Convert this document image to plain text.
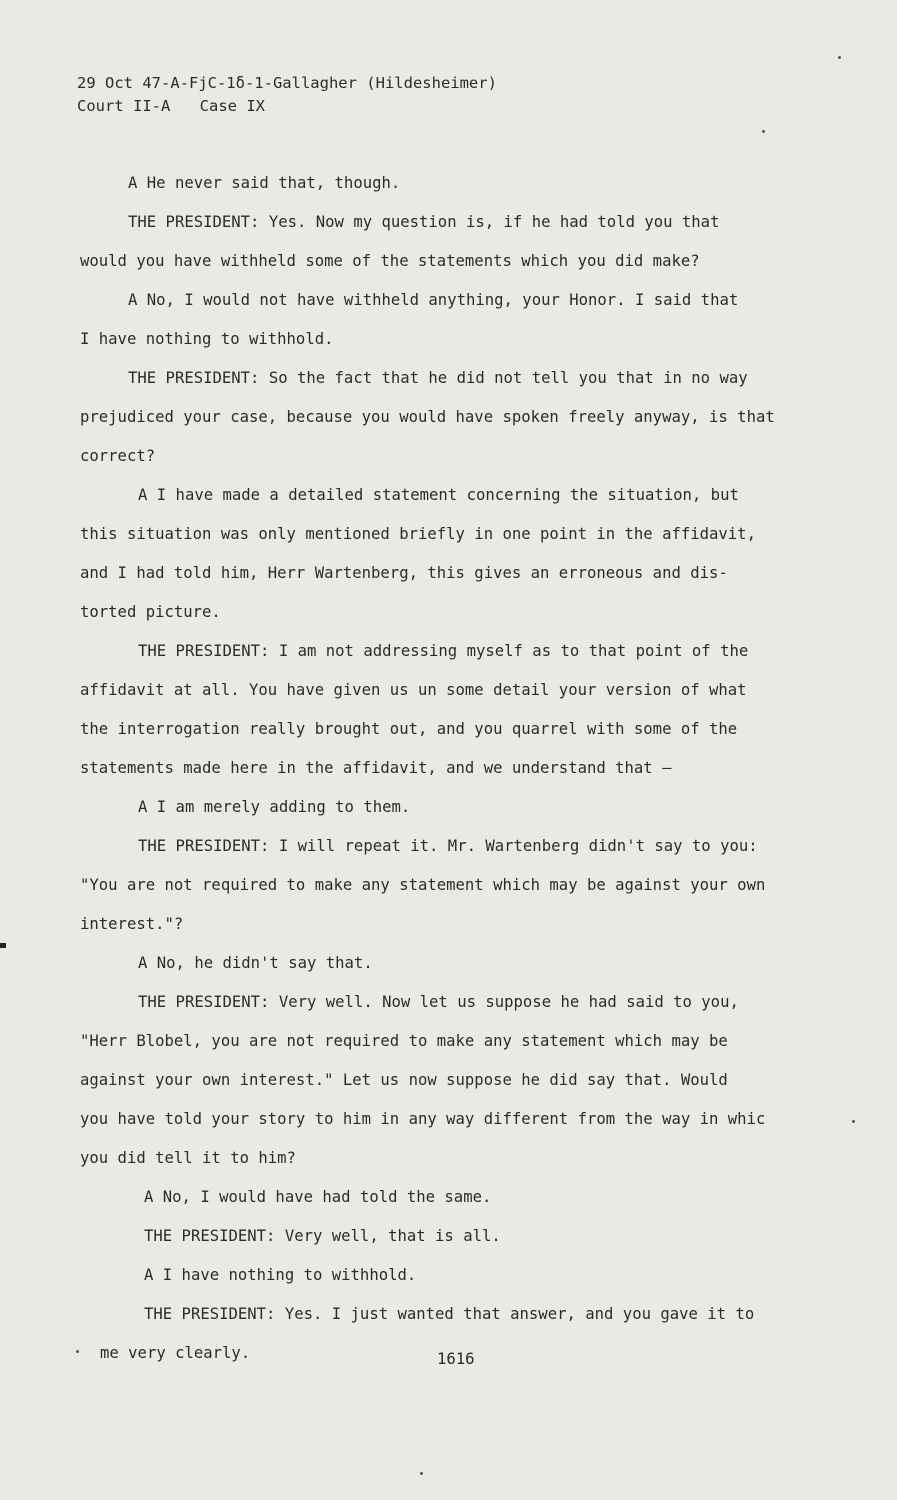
29 Oct 47-A-FjC-1δ-1-Gallagher (Hildesheimer)
Court II-A Case IX
A He never said that, though.
THE PRESIDENT: Yes. Now my question is, if he had told you that
would you have withheld some of the statements which you did make?
A No, I would not have withheld anything, your Honor. I said that
I have nothing to withhold.
THE PRESIDENT: So the fact that he did not tell you that in no way
prejudiced your case, because you would have spoken freely anyway, is that
correct?
A I have made a detailed statement concerning the situation, but
this situation was only mentioned briefly in one point in the affidavit,
and I had told him, Herr Wartenberg, this gives an erroneous and dis-
torted picture.
THE PRESIDENT: I am not addressing myself as to that point of the
affidavit at all. You have given us un some detail your version of what
the interrogation really brought out, and you quarrel with some of the
statements made here in the affidavit, and we understand that —
A I am merely adding to them.
THE PRESIDENT: I will repeat it. Mr. Wartenberg didn't say to you:
"You are not required to make any statement which may be against your own
interest."?
A No, he didn't say that.
THE PRESIDENT: Very well. Now let us suppose he had said to you,
"Herr Blobel, you are not required to make any statement which may be
against your own interest." Let us now suppose he did say that. Would
you have told your story to him in any way different from the way in whic
you did tell it to him?
A No, I would have had told the same.
THE PRESIDENT: Very well, that is all.
A I have nothing to withhold.
THE PRESIDENT: Yes. I just wanted that answer, and you gave it to
me very clearly.	1616
